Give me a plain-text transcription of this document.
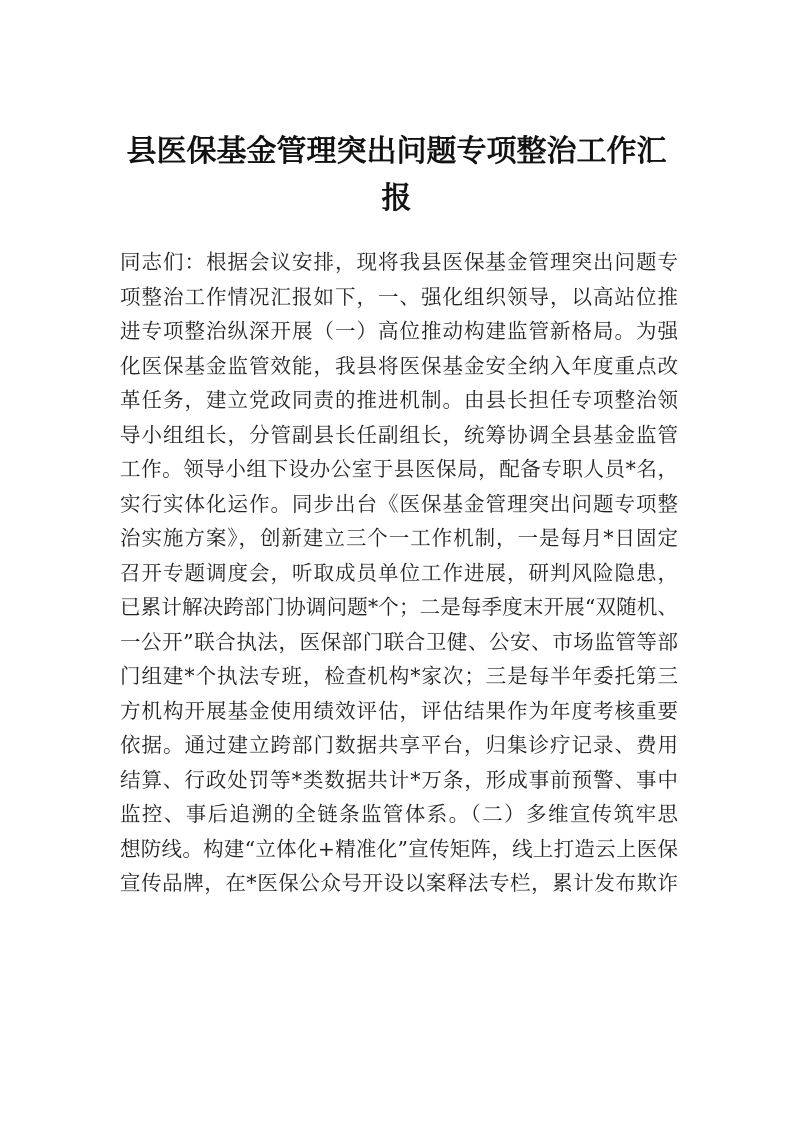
县医保基金管理突出问题专项整治工作汇
报
同志们：根据会议安排，现将我县医保基金管理突出问题专
项整治工作情况汇报如下，一、强化组织领导，以高站位推
进专项整治纵深开展（一）高位推动构建监管新格局。为强
化医保基金监管效能，我县将医保基金安全纳入年度重点改
革任务，建立党政同责的推进机制。由县长担任专项整治领
导小组组长，分管副县长任副组长，统筹协调全县基金监管
工作。领导小组下设办公室于县医保局，配备专职人员*名，
实行实体化运作。同步出台《医保基金管理突出问题专项整
治实施方案》，创新建立三个一工作机制，一是每月*日固定
召开专题调度会，听取成员单位工作进展，研判风险隐患，
已累计解决跨部门协调问题*个；二是每季度末开展“双随机、
一公开”联合执法，医保部门联合卫健、公安、市场监管等部
门组建*个执法专班，检查机构*家次；三是每半年委托第三
方机构开展基金使用绩效评估，评估结果作为年度考核重要
依据。通过建立跨部门数据共享平台，归集诊疗记录、费用
结算、行政处罚等*类数据共计*万条，形成事前预警、事中
监控、事后追溯的全链条监管体系。（二）多维宣传筑牢思
想防线。构建“立体化+精准化”宣传矩阵，线上打造云上医保
宣传品牌，在*医保公众号开设以案释法专栏，累计发布欺诈
